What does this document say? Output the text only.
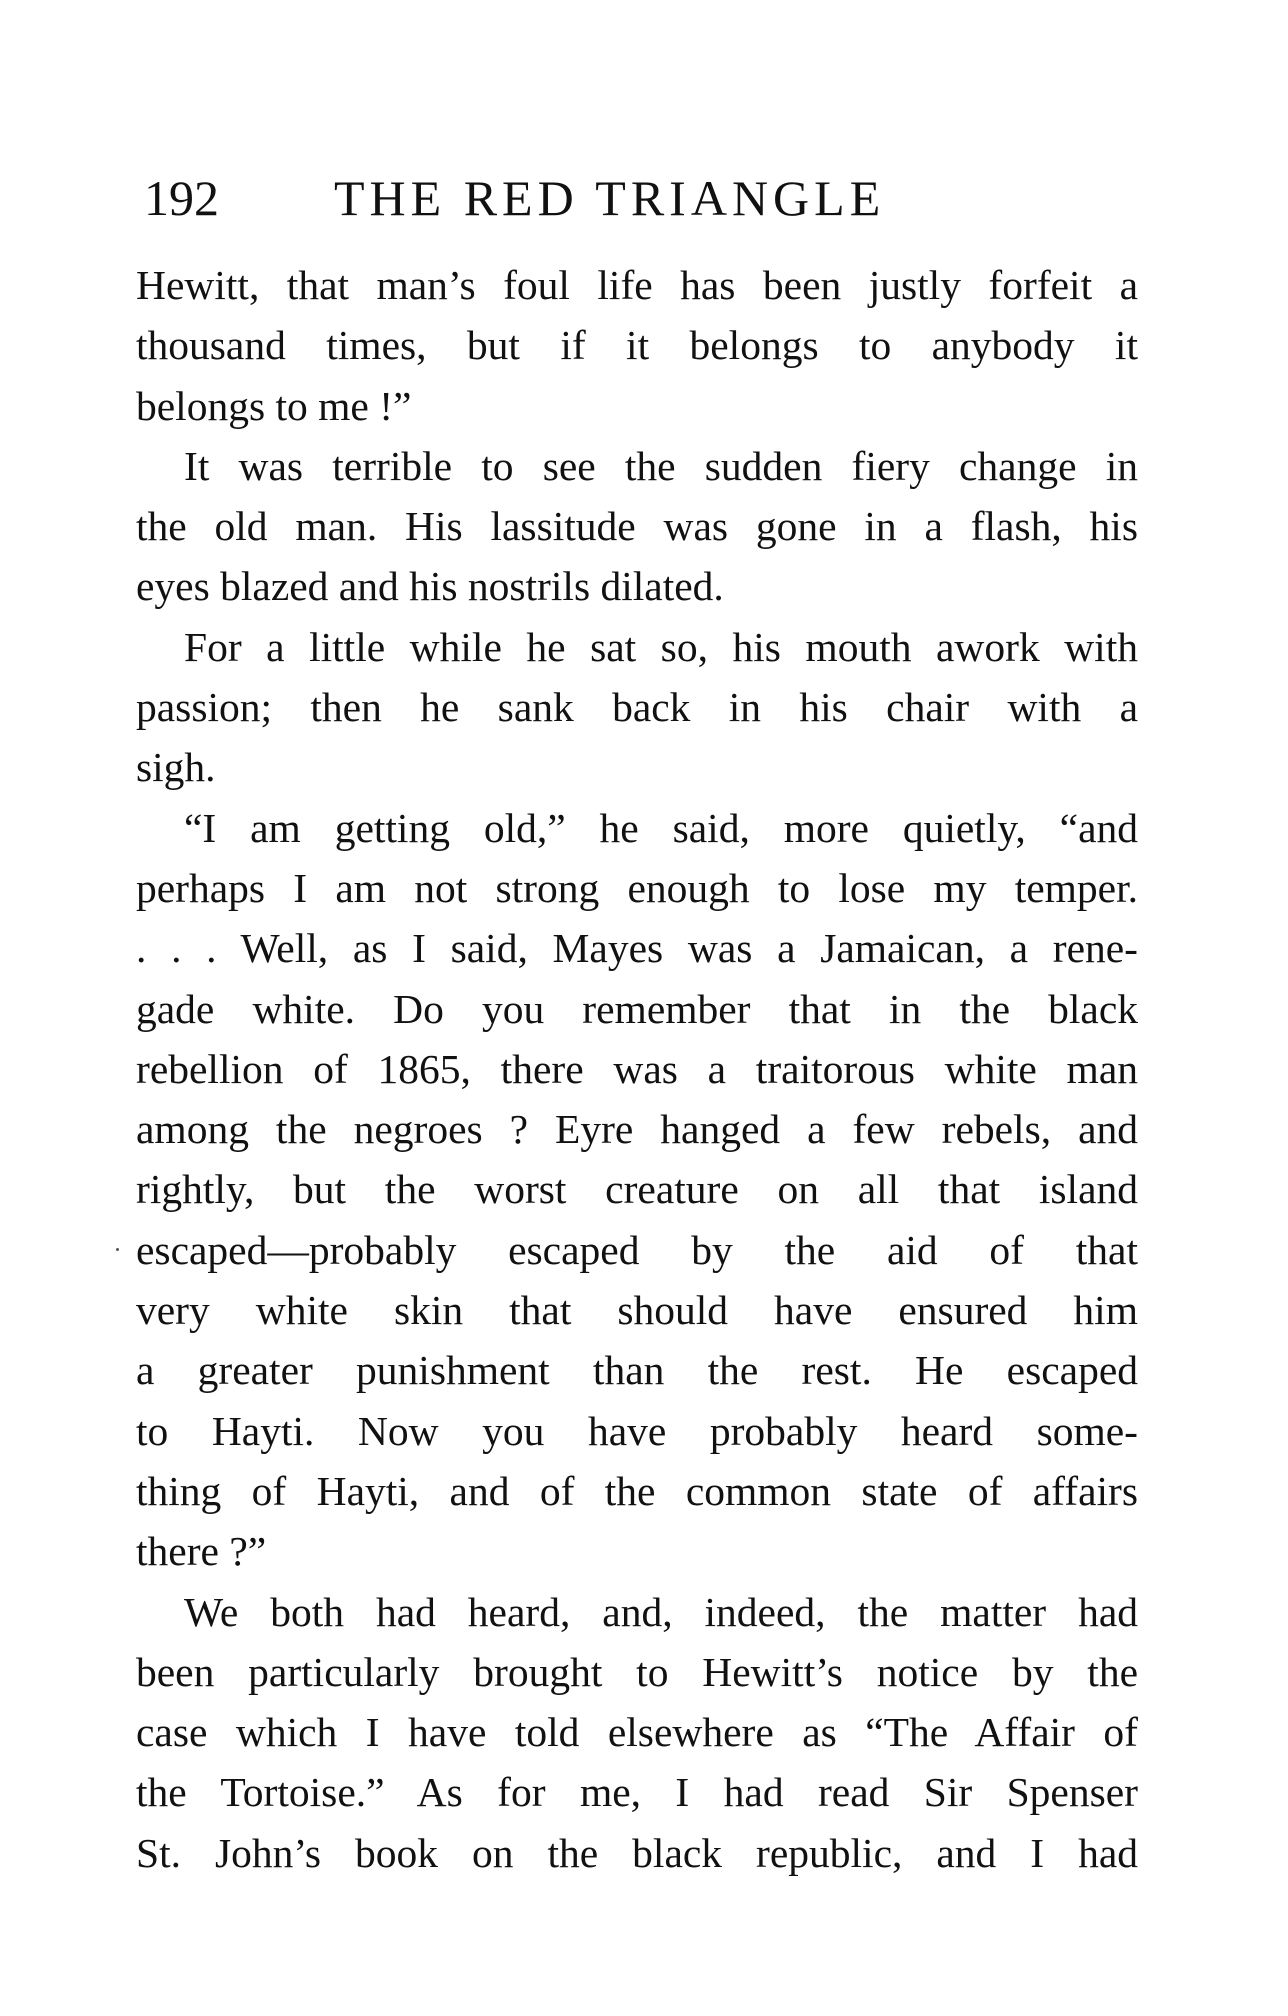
192 THE RED TRIANGLE
Hewitt, that man’s foul life has been justly forfeit a
thousand times, but if it belongs to anybody it
belongs to me !”
It was terrible to see the sudden fiery change in
the old man. His lassitude was gone in a flash, his
eyes blazed and his nostrils dilated.
For a little while he sat so, his mouth awork with
passion; then he sank back in his chair with a
sigh.
“I am getting old,” he said, more quietly, “and
perhaps I am not strong enough to lose my temper.
. . . Well, as I said, Mayes was a Jamaican, a rene-
gade white. Do you remember that in the black
rebellion of 1865, there was a traitorous white man
among the negroes ? Eyre hanged a few rebels, and
rightly, but the worst creature on all that island
escaped—probably escaped by the aid of that
very white skin that should have ensured him
a greater punishment than the rest. He escaped
to Hayti. Now you have probably heard some-
thing of Hayti, and of the common state of affairs
there ?”
We both had heard, and, indeed, the matter had
been particularly brought to Hewitt’s notice by the
case which I have told elsewhere as “The Affair of
the Tortoise.” As for me, I had read Sir Spenser
St. John’s book on the black republic, and I had
